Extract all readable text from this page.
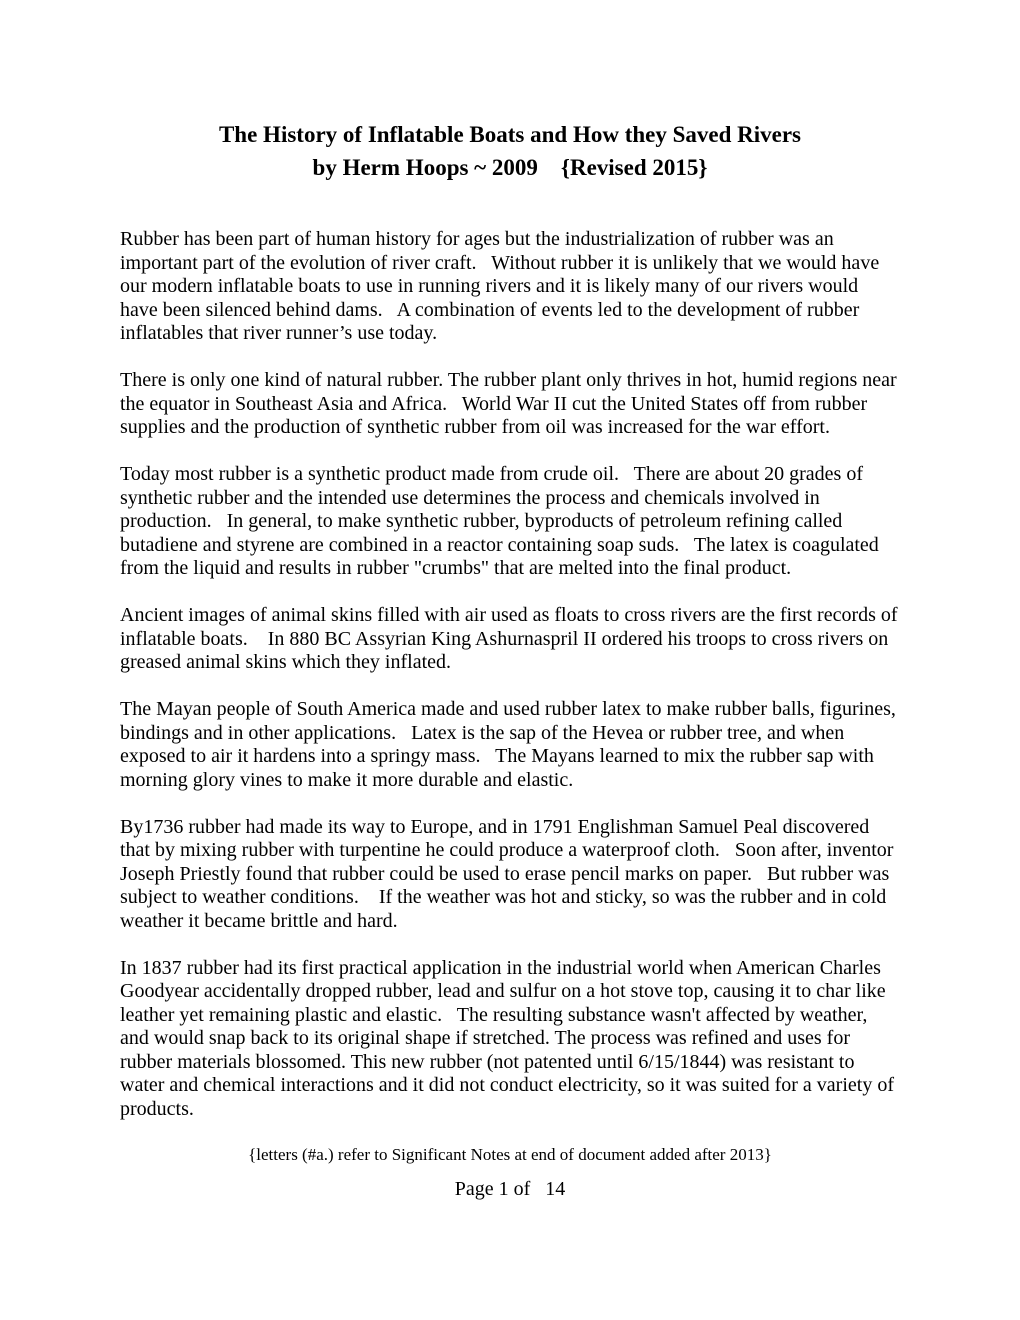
The History of Inflatable Boats and How they Saved Rivers
by Herm Hoops ~ 2009    {Revised 2015}

Rubber has been part of human history for ages but the industrialization of rubber was an important part of the evolution of river craft.   Without rubber it is unlikely that we would have our modern inflatable boats to use in running rivers and it is likely many of our rivers would have been silenced behind dams.   A combination of events led to the development of rubber inflatables that river runner’s use today.

There is only one kind of natural rubber. The rubber plant only thrives in hot, humid regions near the equator in Southeast Asia and Africa.   World War II cut the United States off from rubber supplies and the production of synthetic rubber from oil was increased for the war effort.

Today most rubber is a synthetic product made from crude oil.   There are about 20 grades of synthetic rubber and the intended use determines the process and chemicals involved in production.   In general, to make synthetic rubber, byproducts of petroleum refining called butadiene and styrene are combined in a reactor containing soap suds.   The latex is coagulated from the liquid and results in rubber "crumbs" that are melted into the final product.

Ancient images of animal skins filled with air used as floats to cross rivers are the first records of inflatable boats.    In 880 BC Assyrian King Ashurnaspril II ordered his troops to cross rivers on greased animal skins which they inflated.

The Mayan people of South America made and used rubber latex to make rubber balls, figurines, bindings and in other applications.   Latex is the sap of the Hevea or rubber tree, and when exposed to air it hardens into a springy mass.   The Mayans learned to mix the rubber sap with morning glory vines to make it more durable and elastic.

By1736 rubber had made its way to Europe, and in 1791 Englishman Samuel Peal discovered that by mixing rubber with turpentine he could produce a waterproof cloth.   Soon after, inventor Joseph Priestly found that rubber could be used to erase pencil marks on paper.   But rubber was subject to weather conditions.    If the weather was hot and sticky, so was the rubber and in cold weather it became brittle and hard.

In 1837 rubber had its first practical application in the industrial world when American Charles Goodyear accidentally dropped rubber, lead and sulfur on a hot stove top, causing it to char like leather yet remaining plastic and elastic.   The resulting substance wasn't affected by weather, and would snap back to its original shape if stretched. The process was refined and uses for rubber materials blossomed. This new rubber (not patented until 6/15/1844) was resistant to water and chemical interactions and it did not conduct electricity, so it was suited for a variety of products.

{letters (#a.) refer to Significant Notes at end of document added after 2013}

Page 1 of   14
